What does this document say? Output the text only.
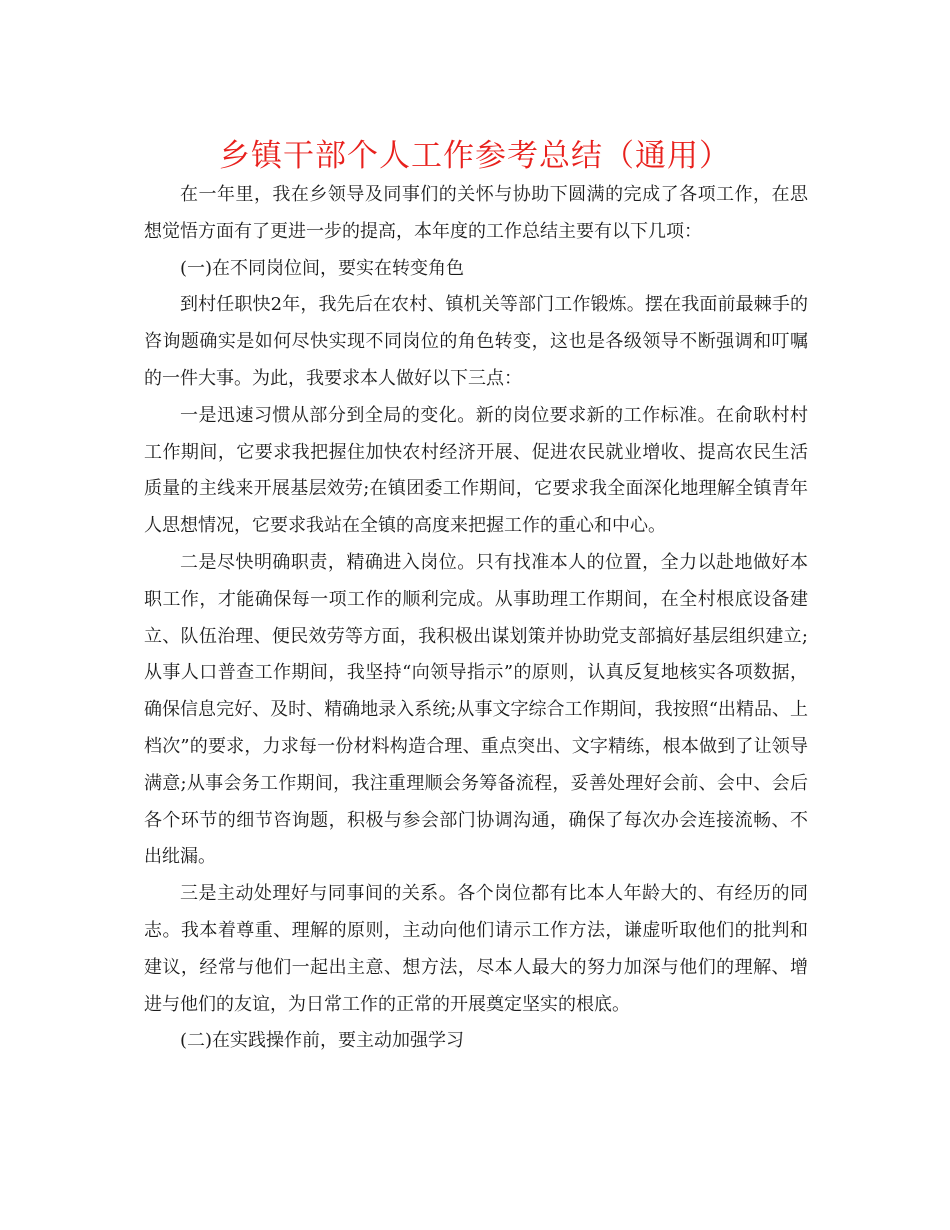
乡镇干部个人工作参考总结（通用）

在一年里，我在乡领导及同事们的关怀与协助下圆满的完成了各项工作，在思想觉悟方面有了更进一步的提高，本年度的工作总结主要有以下几项：

(一)在不同岗位间，要实在转变角色

到村任职快2年，我先后在农村、镇机关等部门工作锻炼。摆在我面前最棘手的咨询题确实是如何尽快实现不同岗位的角色转变，这也是各级领导不断强调和叮嘱的一件大事。为此，我要求本人做好以下三点：

一是迅速习惯从部分到全局的变化。新的岗位要求新的工作标准。在俞耿村村工作期间，它要求我把握住加快农村经济开展、促进农民就业增收、提高农民生活质量的主线来开展基层效劳;在镇团委工作期间，它要求我全面深化地理解全镇青年人思想情况，它要求我站在全镇的高度来把握工作的重心和中心。

二是尽快明确职责，精确进入岗位。只有找准本人的位置，全力以赴地做好本职工作，才能确保每一项工作的顺利完成。从事助理工作期间，在全村根底设备建立、队伍治理、便民效劳等方面，我积极出谋划策并协助党支部搞好基层组织建立;从事人口普查工作期间，我坚持“向领导指示”的原则，认真反复地核实各项数据，确保信息完好、及时、精确地录入系统;从事文字综合工作期间，我按照“出精品、上档次”的要求，力求每一份材料构造合理、重点突出、文字精练，根本做到了让领导满意;从事会务工作期间，我注重理顺会务筹备流程，妥善处理好会前、会中、会后各个环节的细节咨询题，积极与参会部门协调沟通，确保了每次办会连接流畅、不出纰漏。

三是主动处理好与同事间的关系。各个岗位都有比本人年龄大的、有经历的同志。我本着尊重、理解的原则，主动向他们请示工作方法，谦虚听取他们的批判和建议，经常与他们一起出主意、想方法，尽本人最大的努力加深与他们的理解、增进与他们的友谊，为日常工作的正常的开展奠定坚实的根底。

(二)在实践操作前，要主动加强学习
